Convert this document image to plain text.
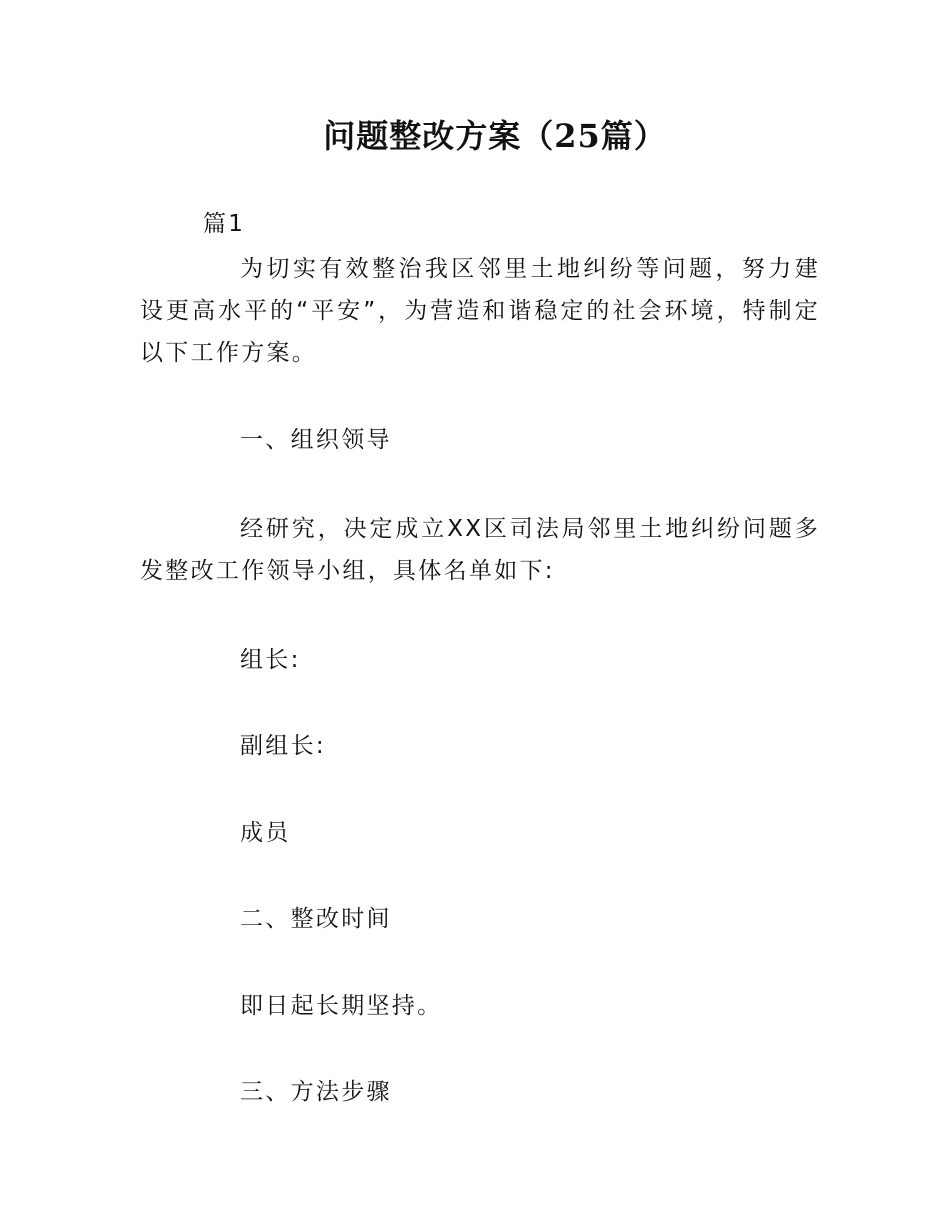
问题整改方案（25篇）
篇1
为切实有效整治我区邻里土地纠纷等问题，努力建设更高水平的“平安”，为营造和谐稳定的社会环境，特制定以下工作方案。
一、组织领导
经研究，决定成立XX区司法局邻里土地纠纷问题多发整改工作领导小组，具体名单如下:
组长:
副组长:
成员
二、整改时间
即日起长期坚持。
三、方法步骤
